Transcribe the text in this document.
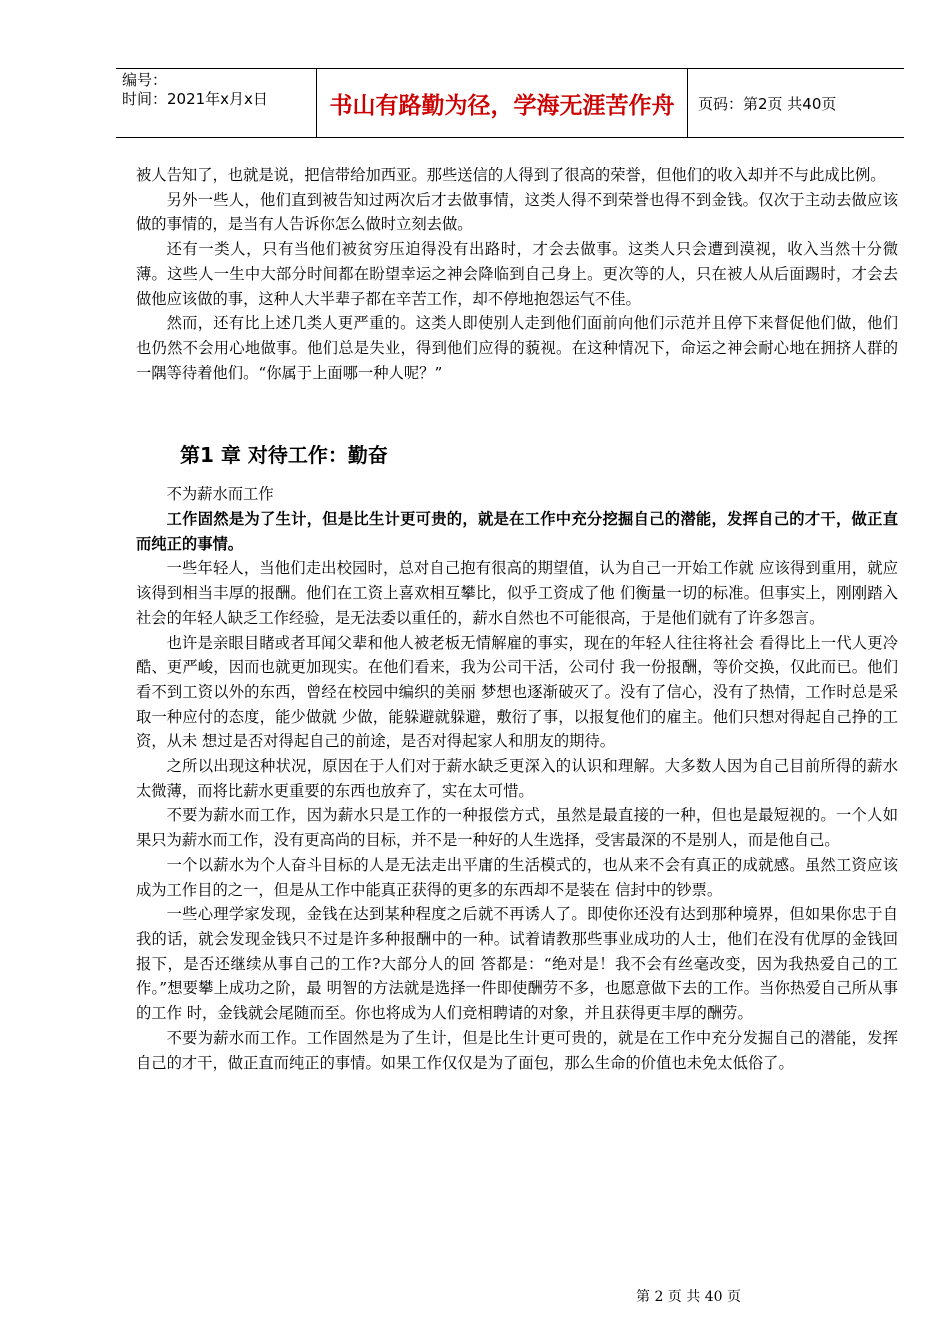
编号：
时间：2021年x月x日	书山有路勤为径，学海无涯苦作舟	页码：第2页 共40页

被人告知了，也就是说，把信带给加西亚。那些送信的人得到了很高的荣誉，但他们的收入却并不与此成比例。

另外一些人，他们直到被告知过两次后才去做事情，这类人得不到荣誉也得不到金钱。仅次于主动去做应该做的事情的，是当有人告诉你怎么做时立刻去做。

还有一类人，只有当他们被贫穷压迫得没有出路时，才会去做事。这类人只会遭到漠视，收入当然十分微薄。这些人一生中大部分时间都在盼望幸运之神会降临到自己身上。更次等的人，只在被人从后面踢时，才会去做他应该做的事，这种人大半辈子都在辛苦工作，却不停地抱怨运气不佳。

然而，还有比上述几类人更严重的。这类人即使别人走到他们面前向他们示范并且停下来督促他们做，他们也仍然不会用心地做事。他们总是失业，得到他们应得的藐视。在这种情况下，命运之神会耐心地在拥挤人群的一隅等待着他们。“你属于上面哪一种人呢？”

第1 章 对待工作：勤奋

不为薪水而工作

工作固然是为了生计，但是比生计更可贵的，就是在工作中充分挖掘自己的潜能，发挥自己的才干，做正直而纯正的事情。

一些年轻人，当他们走出校园时，总对自己抱有很高的期望值，认为自己一开始工作就 应该得到重用，就应该得到相当丰厚的报酬。他们在工资上喜欢相互攀比，似乎工资成了他 们衡量一切的标准。但事实上，刚刚踏入社会的年轻人缺乏工作经验，是无法委以重任的，薪水自然也不可能很高，于是他们就有了许多怨言。

也许是亲眼目睹或者耳闻父辈和他人被老板无情解雇的事实，现在的年轻人往往将社会 看得比上一代人更冷酷、更严峻，因而也就更加现实。在他们看来，我为公司干活，公司付 我一份报酬，等价交换，仅此而已。他们看不到工资以外的东西，曾经在校园中编织的美丽 梦想也逐渐破灭了。没有了信心，没有了热情，工作时总是采取一种应付的态度，能少做就 少做，能躲避就躲避，敷衍了事，以报复他们的雇主。他们只想对得起自己挣的工资，从未 想过是否对得起自己的前途，是否对得起家人和朋友的期待。

之所以出现这种状况，原因在于人们对于薪水缺乏更深入的认识和理解。大多数人因为自己目前所得的薪水太微薄，而将比薪水更重要的东西也放弃了，实在太可惜。

不要为薪水而工作，因为薪水只是工作的一种报偿方式，虽然是最直接的一种，但也是最短视的。一个人如果只为薪水而工作，没有更高尚的目标，并不是一种好的人生选择，受害最深的不是别人，而是他自己。

一个以薪水为个人奋斗目标的人是无法走出平庸的生活模式的，也从来不会有真正的成就感。虽然工资应该成为工作目的之一，但是从工作中能真正获得的更多的东西却不是装在 信封中的钞票。

一些心理学家发现，金钱在达到某种程度之后就不再诱人了。即使你还没有达到那种境界，但如果你忠于自我的话，就会发现金钱只不过是许多种报酬中的一种。试着请教那些事业成功的人士，他们在没有优厚的金钱回报下，是否还继续从事自己的工作?大部分人的回 答都是：“绝对是！我不会有丝毫改变，因为我热爱自己的工作。”想要攀上成功之阶，最 明智的方法就是选择一件即使酬劳不多，也愿意做下去的工作。当你热爱自己所从事的工作 时，金钱就会尾随而至。你也将成为人们竞相聘请的对象，并且获得更丰厚的酬劳。

不要为薪水而工作。工作固然是为了生计，但是比生计更可贵的，就是在工作中充分发掘自己的潜能，发挥自己的才干，做正直而纯正的事情。如果工作仅仅是为了面包，那么生命的价值也未免太低俗了。

第 2 页 共 40 页
